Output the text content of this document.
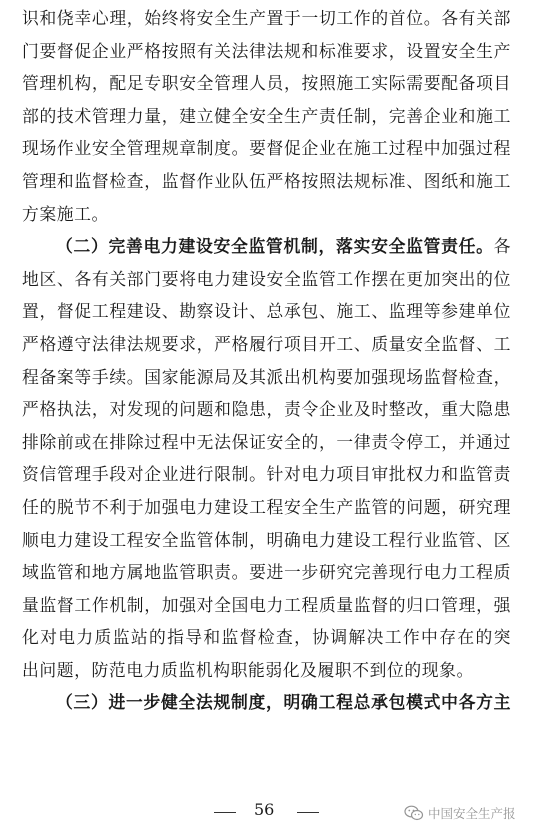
识和侥幸心理，始终将安全生产置于一切工作的首位。各有关部
门要督促企业严格按照有关法律法规和标准要求，设置安全生产
管理机构，配足专职安全管理人员，按照施工实际需要配备项目
部的技术管理力量，建立健全安全生产责任制，完善企业和施工
现场作业安全管理规章制度。要督促企业在施工过程中加强过程
管理和监督检查，监督作业队伍严格按照法规标准、图纸和施工
方案施工。
（二）完善电力建设安全监管机制，落实安全监管责任。各
地区、各有关部门要将电力建设安全监管工作摆在更加突出的位
置，督促工程建设、勘察设计、总承包、施工、监理等参建单位
严格遵守法律法规要求，严格履行项目开工、质量安全监督、工
程备案等手续。国家能源局及其派出机构要加强现场监督检查，
严格执法，对发现的问题和隐患，责令企业及时整改，重大隐患
排除前或在排除过程中无法保证安全的，一律责令停工，并通过
资信管理手段对企业进行限制。针对电力项目审批权力和监管责
任的脱节不利于加强电力建设工程安全生产监管的问题，研究理
顺电力建设工程安全监管体制，明确电力建设工程行业监管、区
域监管和地方属地监管职责。要进一步研究完善现行电力工程质
量监督工作机制，加强对全国电力工程质量监督的归口管理，强
化对电力质监站的指导和监督检查，协调解决工作中存在的突
出问题，防范电力质监机构职能弱化及履职不到位的现象。
（三）进一步健全法规制度，明确工程总承包模式中各方主
56	中国安全生产报
